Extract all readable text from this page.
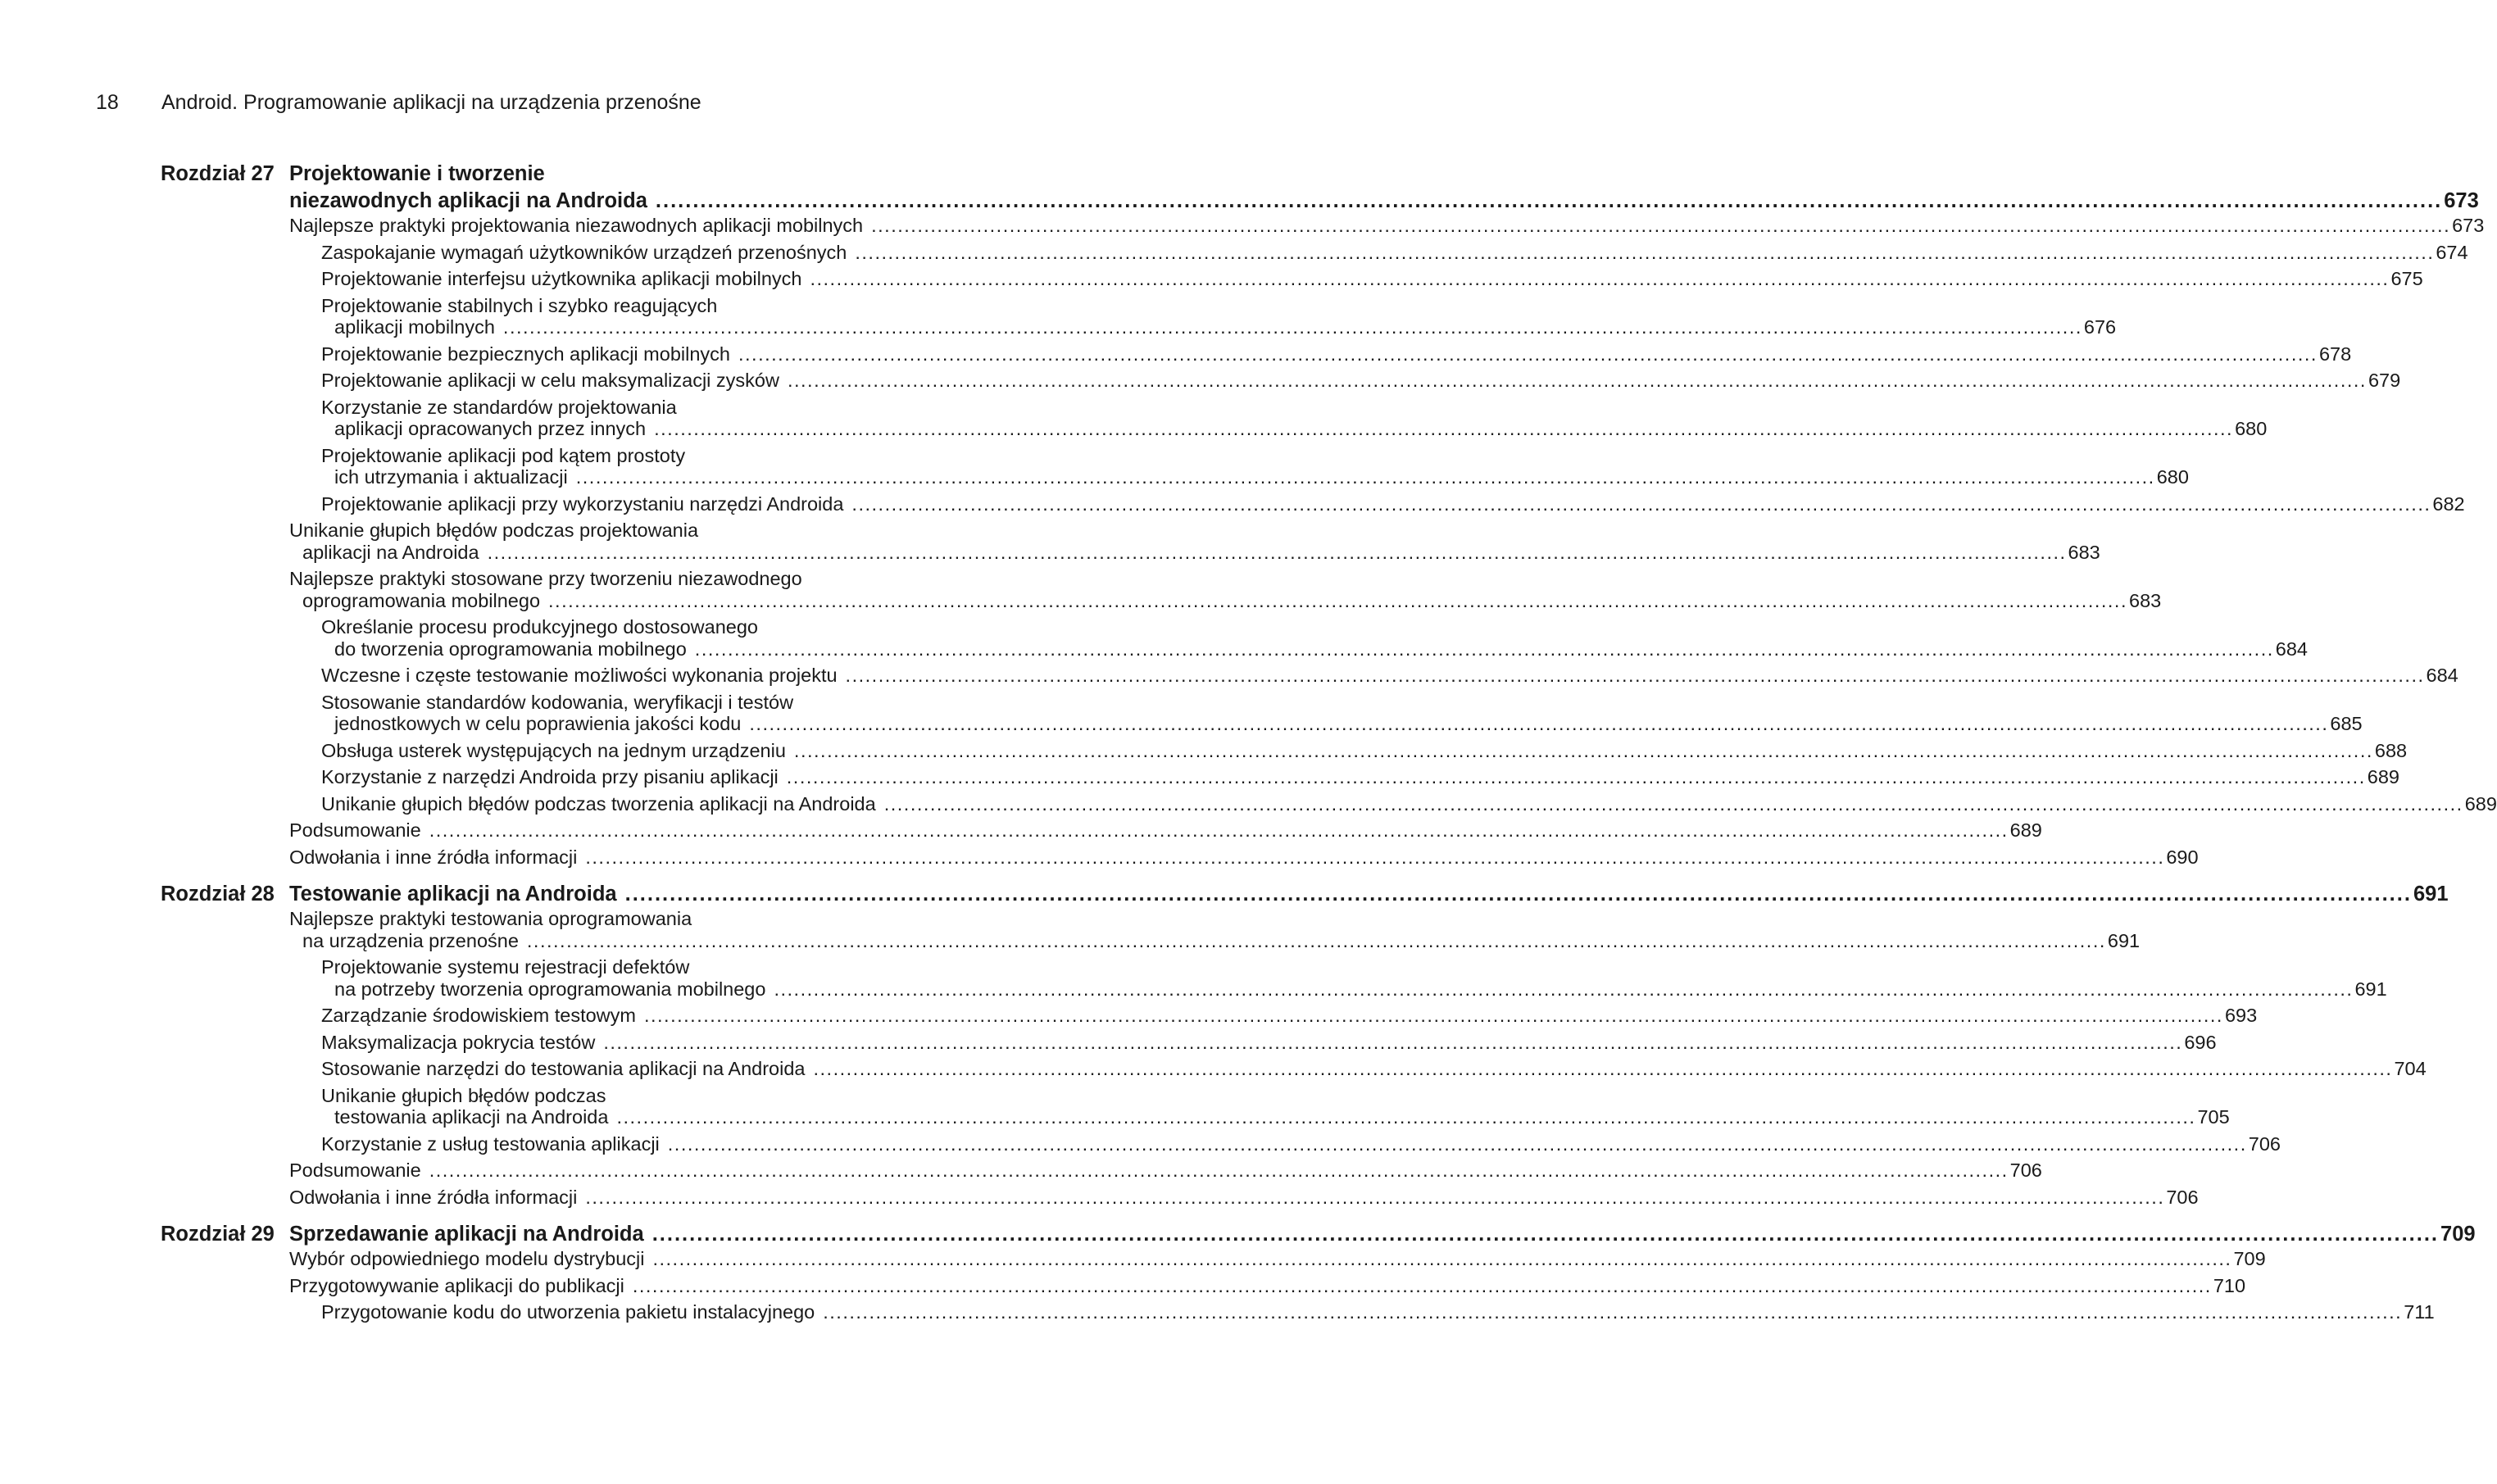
18 Android. Programowanie aplikacji na urządzenia przenośne
Rozdział 27 Projektowanie i tworzenie
niezawodnych aplikacji na Androida .....	673
Najlepsze praktyki projektowania niezawodnych aplikacji mobilnych .....	673
Zaspokajanie wymagań użytkowników urządzeń przenośnych .....	674
Projektowanie interfejsu użytkownika aplikacji mobilnych .....	675
Projektowanie stabilnych i szybko reagujących
aplikacji mobilnych .....	676
Projektowanie bezpiecznych aplikacji mobilnych .....	678
Projektowanie aplikacji w celu maksymalizacji zysków .....	679
Korzystanie ze standardów projektowania
aplikacji opracowanych przez innych .....	680
Projektowanie aplikacji pod kątem prostoty
ich utrzymania i aktualizacji .....	680
Projektowanie aplikacji przy wykorzystaniu narzędzi Androida .....	682
Unikanie głupich błędów podczas projektowania
aplikacji na Androida .....	683
Najlepsze praktyki stosowane przy tworzeniu niezawodnego
oprogramowania mobilnego .....	683
Określanie procesu produkcyjnego dostosowanego
do tworzenia oprogramowania mobilnego .....	684
Wczesne i częste testowanie możliwości wykonania projektu .....	684
Stosowanie standardów kodowania, weryfikacji i testów
jednostkowych w celu poprawienia jakości kodu .....	685
Obsługa usterek występujących na jednym urządzeniu .....	688
Korzystanie z narzędzi Androida przy pisaniu aplikacji .....	689
Unikanie głupich błędów podczas tworzenia aplikacji na Androida .....	689
Podsumowanie .....	689
Odwołania i inne źródła informacji .....	690
Rozdział 28 Testowanie aplikacji na Androida .....	691
Najlepsze praktyki testowania oprogramowania
na urządzenia przenośne .....	691
Projektowanie systemu rejestracji defektów
na potrzeby tworzenia oprogramowania mobilnego .....	691
Zarządzanie środowiskiem testowym .....	693
Maksymalizacja pokrycia testów .....	696
Stosowanie narzędzi do testowania aplikacji na Androida .....	704
Unikanie głupich błędów podczas
testowania aplikacji na Androida .....	705
Korzystanie z usług testowania aplikacji .....	706
Podsumowanie .....	706
Odwołania i inne źródła informacji .....	706
Rozdział 29 Sprzedawanie aplikacji na Androida .....	709
Wybór odpowiedniego modelu dystrybucji .....	709
Przygotowywanie aplikacji do publikacji .....	710
Przygotowanie kodu do utworzenia pakietu instalacyjnego .....	711
